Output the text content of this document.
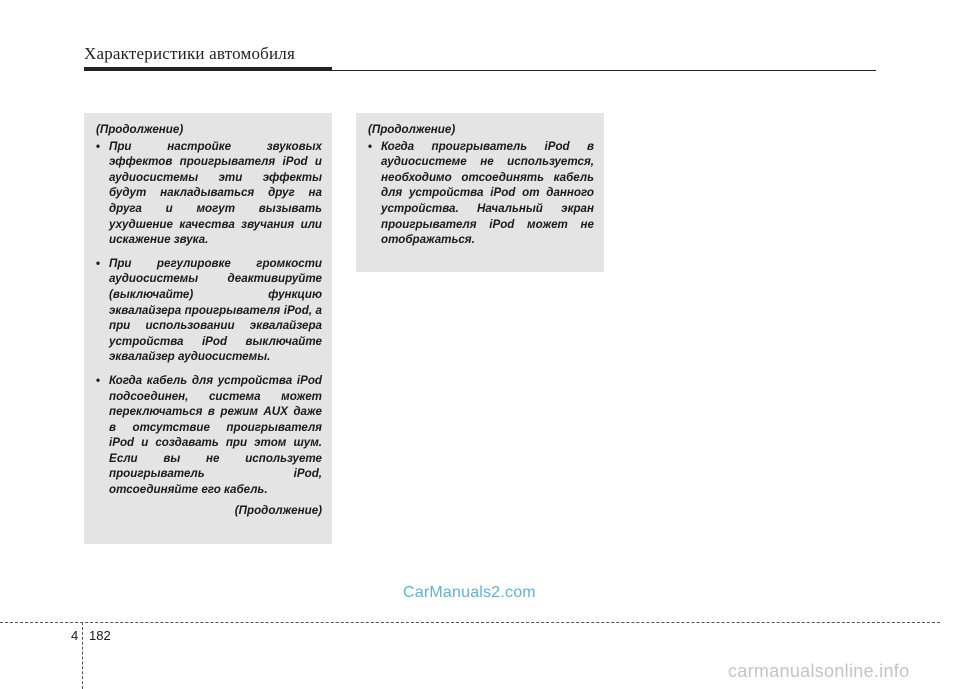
Характеристики автомобиля
(Продолжение)
• При настройке звуковых эффектов проигрывателя iPod и аудиосистемы эти эффекты будут накладываться друг на друга и могут вызывать ухудшение качества звучания или искажение звука.
• При регулировке громкости аудиосистемы деактивируйте (выключайте) функцию эквалайзера проигрывателя iPod, а при использовании эквалайзера устройства iPod выключайте эквалайзер аудиосистемы.
• Когда кабель для устройства iPod подсоединен, система может переключаться в режим AUX даже в отсутствие проигрывателя iPod и создавать при этом шум. Если вы не используете проигрыватель iPod, отсоединяйте его кабель.
(Продолжение)
(Продолжение)
• Когда проигрыватель iPod в аудиосистеме не используется, необходимо отсоединять кабель для устройства iPod от данного устройства. Начальный экран проигрывателя iPod может не отображаться.
CarManuals2.com
4 182
carmanualsonline.info
